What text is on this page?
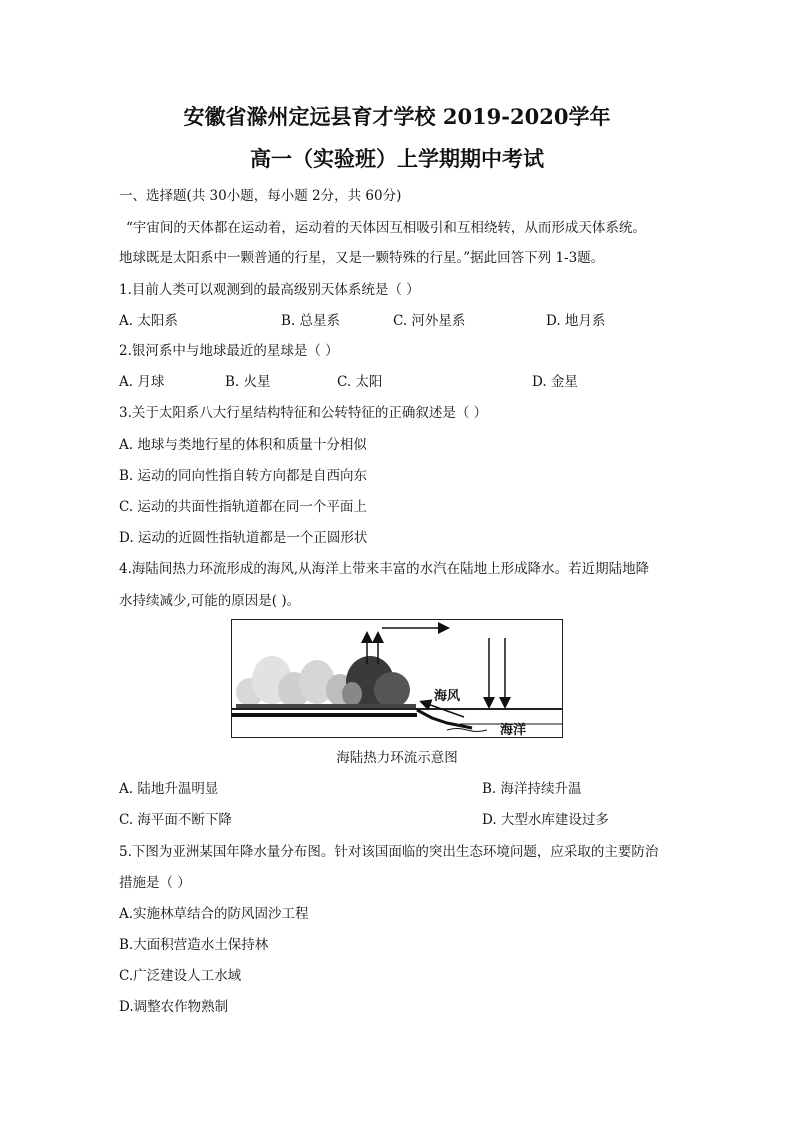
安徽省滁州定远县育才学校 2019-2020学年
高一（实验班）上学期期中考试
一、选择题(共 30小题，每小题 2分，共 60分)
“宇宙间的天体都在运动着，运动着的天体因互相吸引和互相绕转，从而形成天体系统。
地球既是太阳系中一颗普通的行星，又是一颗特殊的行星。”据此回答下列 1-3题。
1.目前人类可以观测到的最高级别天体系统是（ ）
A. 太阳系	B. 总星系	C. 河外星系	D. 地月系
2.银河系中与地球最近的星球是（ ）
A. 月球	B. 火星	C. 太阳	D. 金星
3.关于太阳系八大行星结构特征和公转特征的正确叙述是（ ）
A. 地球与类地行星的体积和质量十分相似
B. 运动的同向性指自转方向都是自西向东
C. 运动的共面性指轨道都在同一个平面上
D. 运动的近圆性指轨道都是一个正圆形状
4.海陆间热力环流形成的海风,从海洋上带来丰富的水汽在陆地上形成降水。若近期陆地降
水持续减少,可能的原因是( )。
海风
海洋
海陆热力环流示意图
A. 陆地升温明显	B. 海洋持续升温
C. 海平面不断下降	D. 大型水库建设过多
5.下图为亚洲某国年降水量分布图。针对该国面临的突出生态环境问题，应采取的主要防治
措施是（ ）
A.实施林草结合的防风固沙工程
B.大面积营造水土保持林
C.广泛建设人工水域
D.调整农作物熟制
